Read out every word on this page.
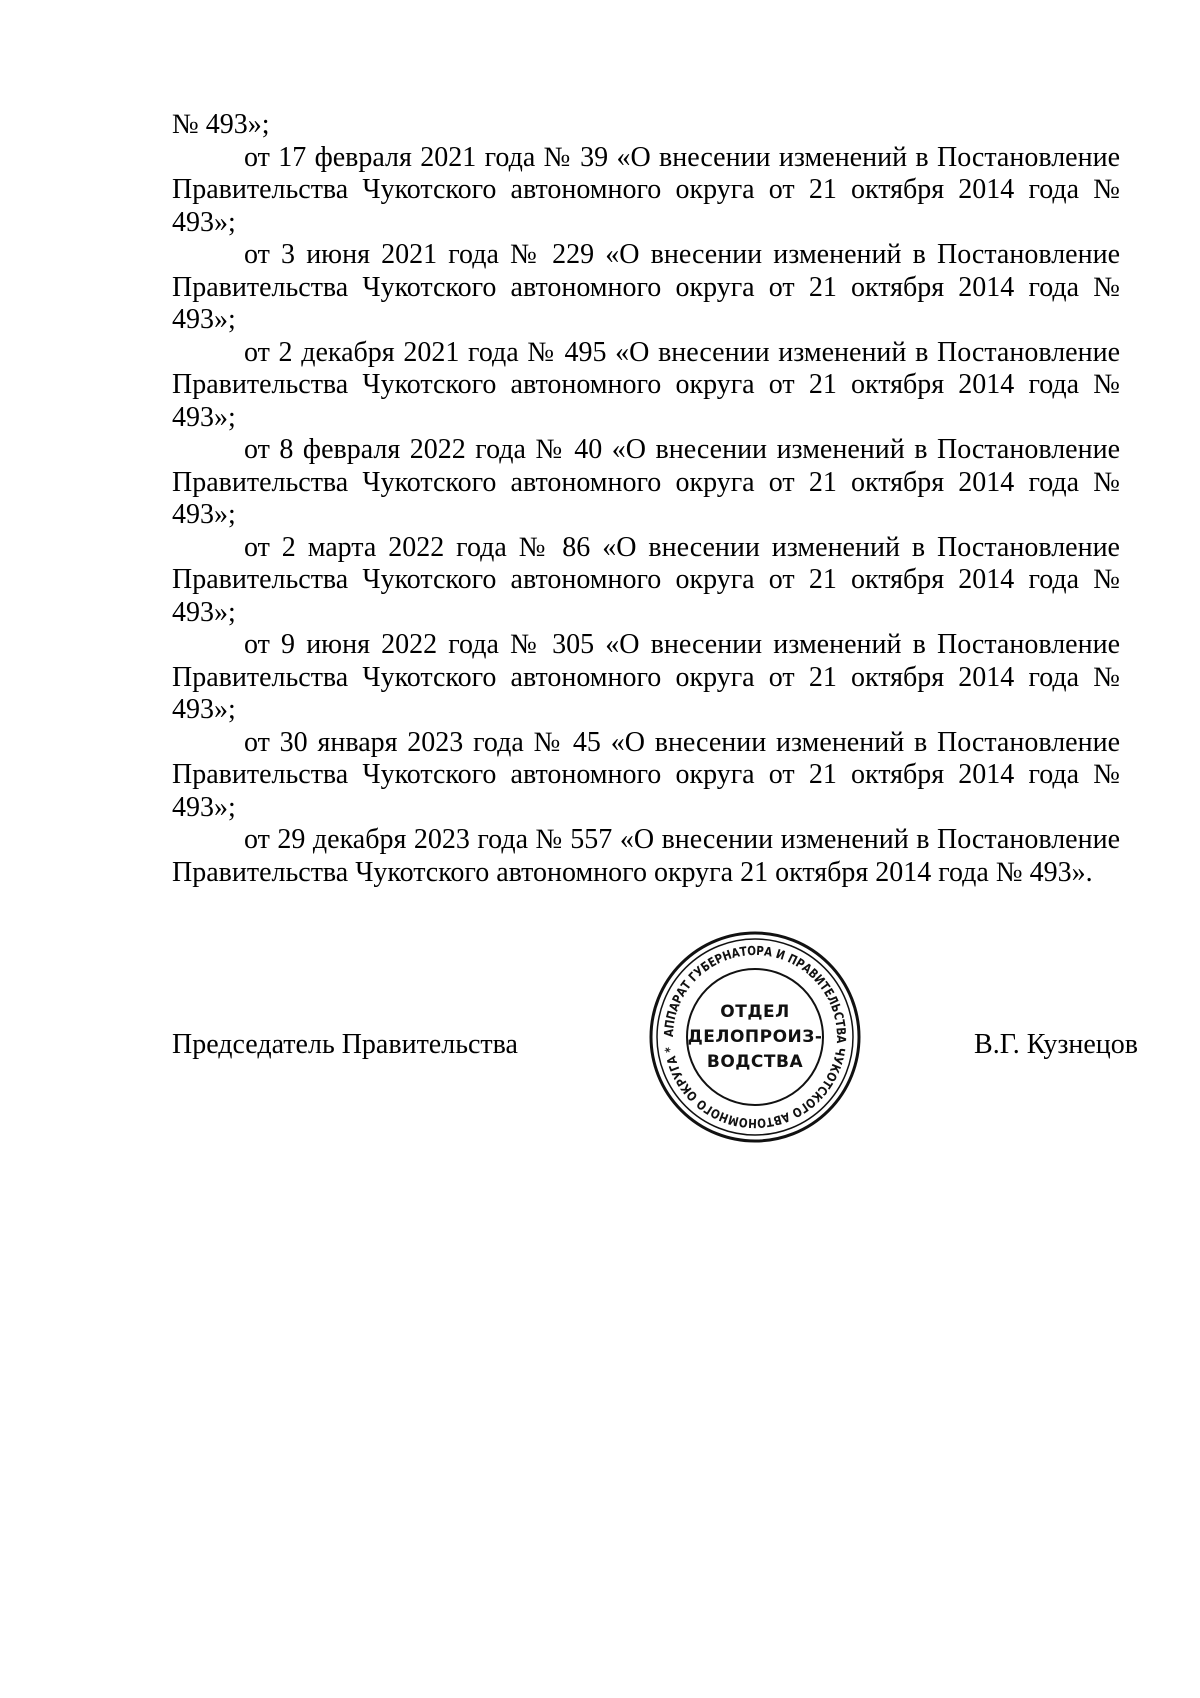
№ 493»;

от 17 февраля 2021 года № 39 «О внесении изменений в Постановление Правительства Чукотского автономного округа от 21 октября 2014 года № 493»;

от 3 июня 2021 года № 229 «О внесении изменений в Постановление Правительства Чукотского автономного округа от 21 октября 2014 года № 493»;

от 2 декабря 2021 года № 495 «О внесении изменений в Постановление Правительства Чукотского автономного округа от 21 октября 2014 года № 493»;

от 8 февраля 2022 года № 40 «О внесении изменений в Постановление Правительства Чукотского автономного округа от 21 октября 2014 года № 493»;

от 2 марта 2022 года № 86 «О внесении изменений в Постановление Правительства Чукотского автономного округа от 21 октября 2014 года № 493»;

от 9 июня 2022 года № 305 «О внесении изменений в Постановление Правительства Чукотского автономного округа от 21 октября 2014 года № 493»;

от 30 января 2023 года № 45 «О внесении изменений в Постановление Правительства Чукотского автономного округа от 21 октября 2014 года № 493»;

от 29 декабря 2023 года № 557 «О внесении изменений в Постановление Правительства Чукотского автономного округа 21 октября 2014 года № 493».

Председатель Правительства	В.Г. Кузнецов
АППАРАТ ГУБЕРНАТОРА И ПРАВИТЕЛЬСТВА ЧУКОТСКОГО АВТОНОМНОГО ОКРУГА *
ОТДЕЛ
ДЕЛОПРОИЗ-
ВОДСТВА
